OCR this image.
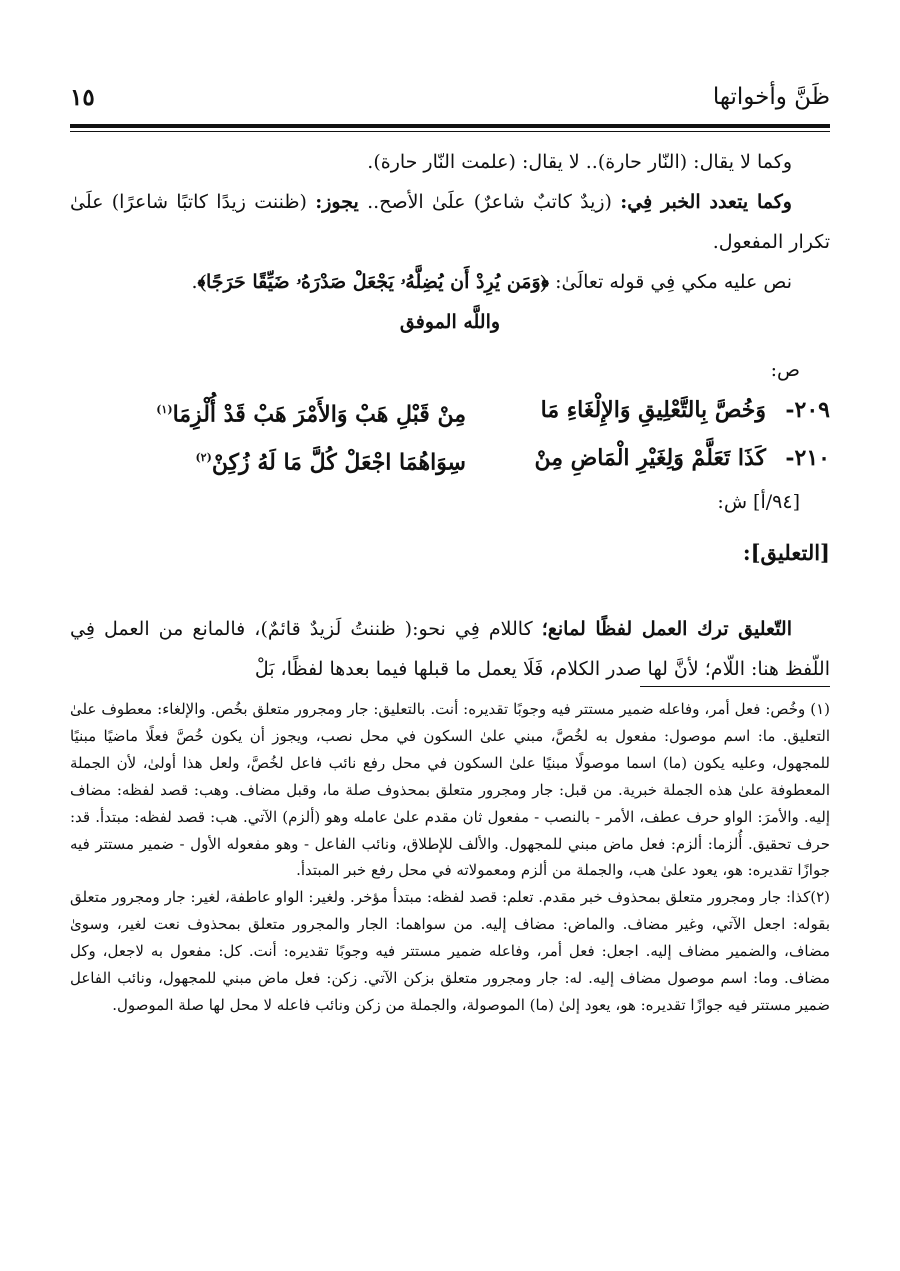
ظَنَّ وأخواتها
١٥

وكما لا يقال: (النّار حارة).. لا يقال: (علمت النّار حارة).

وكما يتعدد الخبر فِي: (زيدٌ كاتبٌ شاعرٌ) علَىٰ الأصح.. يجوز: (ظننت زيدًا كاتبًا شاعرًا) علَىٰ تكرار المفعول.

نص عليه مكي فِي قوله تعالَىٰ: ﴿وَمَن يُرِدْ أَن يُضِلَّهُۥ يَجْعَلْ صَدْرَهُۥ ضَيِّقًا حَرَجًا﴾.

واللَّه الموفق

ص:
٢٠٩-
وَخُصَّ بِالتَّعْلِيقِ وَالإِلْغَاءِ مَا
مِنْ قَبْلِ هَبْ وَالأَمْرَ هَبْ قَدْ أُلْزِمَا$^{(١)}$
٢١٠-
كَذَا تَعَلَّمْ وَلِغَيْرِ الْمَاضِ مِنْ
سِوَاهُمَا اجْعَلْ كُلَّ مَا لَهُ زُكِنْ$^{(٢)}$
[٩٤/أ] ش:
[التعليق]:

التّعليق ترك العمل لفظًا لمانع؛ كاللام فِي نحو:( ظننتُ لَزيدٌ قائمٌ)، فالمانع من العمل فِي اللّفظ هنا: اللّام؛ لأنَّ لها صدر الكلام، فَلَا يعمل ما قبلها فيما بعدها لفظًا، بَلْ

(١) وخُص: فعل أمر، وفاعله ضمير مستتر فيه وجوبًا تقديره: أنت. بالتعليق: جار ومجرور متعلق بخُص. والإلغاء: معطوف علىٰ التعليق. ما: اسم موصول: مفعول به لخُصَّ، مبني علىٰ السكون في محل نصب، ويجوز أن يكون خُصَّ فعلًا ماضيًا مبنيًا للمجهول، وعليه يكون (ما) اسما موصولًا مبنيًا علىٰ السكون في محل رفع نائب فاعل لخُصَّ، ولعل هذا أولىٰ، لأن الجملة المعطوفة علىٰ هذه الجملة خبرية. من قبل: جار ومجرور متعلق بمحذوف صلة ما، وقبل مضاف. وهب: قصد لفظه: مضاف إليه. والأمرَ: الواو حرف عطف، الأمر - بالنصب - مفعول ثان مقدم علىٰ عامله وهو (ألزم) الآتي. هب: قصد لفظه: مبتدأ. قد: حرف تحقيق. أُلزما: ألزم: فعل ماض مبني للمجهول. والألف للإطلاق، ونائب الفاعل - وهو مفعوله الأول - ضمير مستتر فيه جوازًا تقديره: هو، يعود علىٰ هب، والجملة من ألزم ومعمولاته في محل رفع خبر المبتدأ.

(٢)كذا: جار ومجرور متعلق بمحذوف خبر مقدم. تعلم: قصد لفظه: مبتدأ مؤخر. ولغير: الواو عاطفة، لغير: جار ومجرور متعلق بقوله: اجعل الآتي، وغير مضاف. والماض: مضاف إليه. من سواهما: الجار والمجرور متعلق بمحذوف نعت لغير، وسوىٰ مضاف، والضمير مضاف إليه. اجعل: فعل أمر، وفاعله ضمير مستتر فيه وجوبًا تقديره: أنت. كل: مفعول به لاجعل، وكل مضاف. وما: اسم موصول مضاف إليه. له: جار ومجرور متعلق بزكن الآتي. زكن: فعل ماض مبني للمجهول، ونائب الفاعل ضمير مستتر فيه جوازًا تقديره: هو، يعود إلىٰ (ما) الموصولة، والجملة من زكن ونائب فاعله لا محل لها صلة الموصول.
